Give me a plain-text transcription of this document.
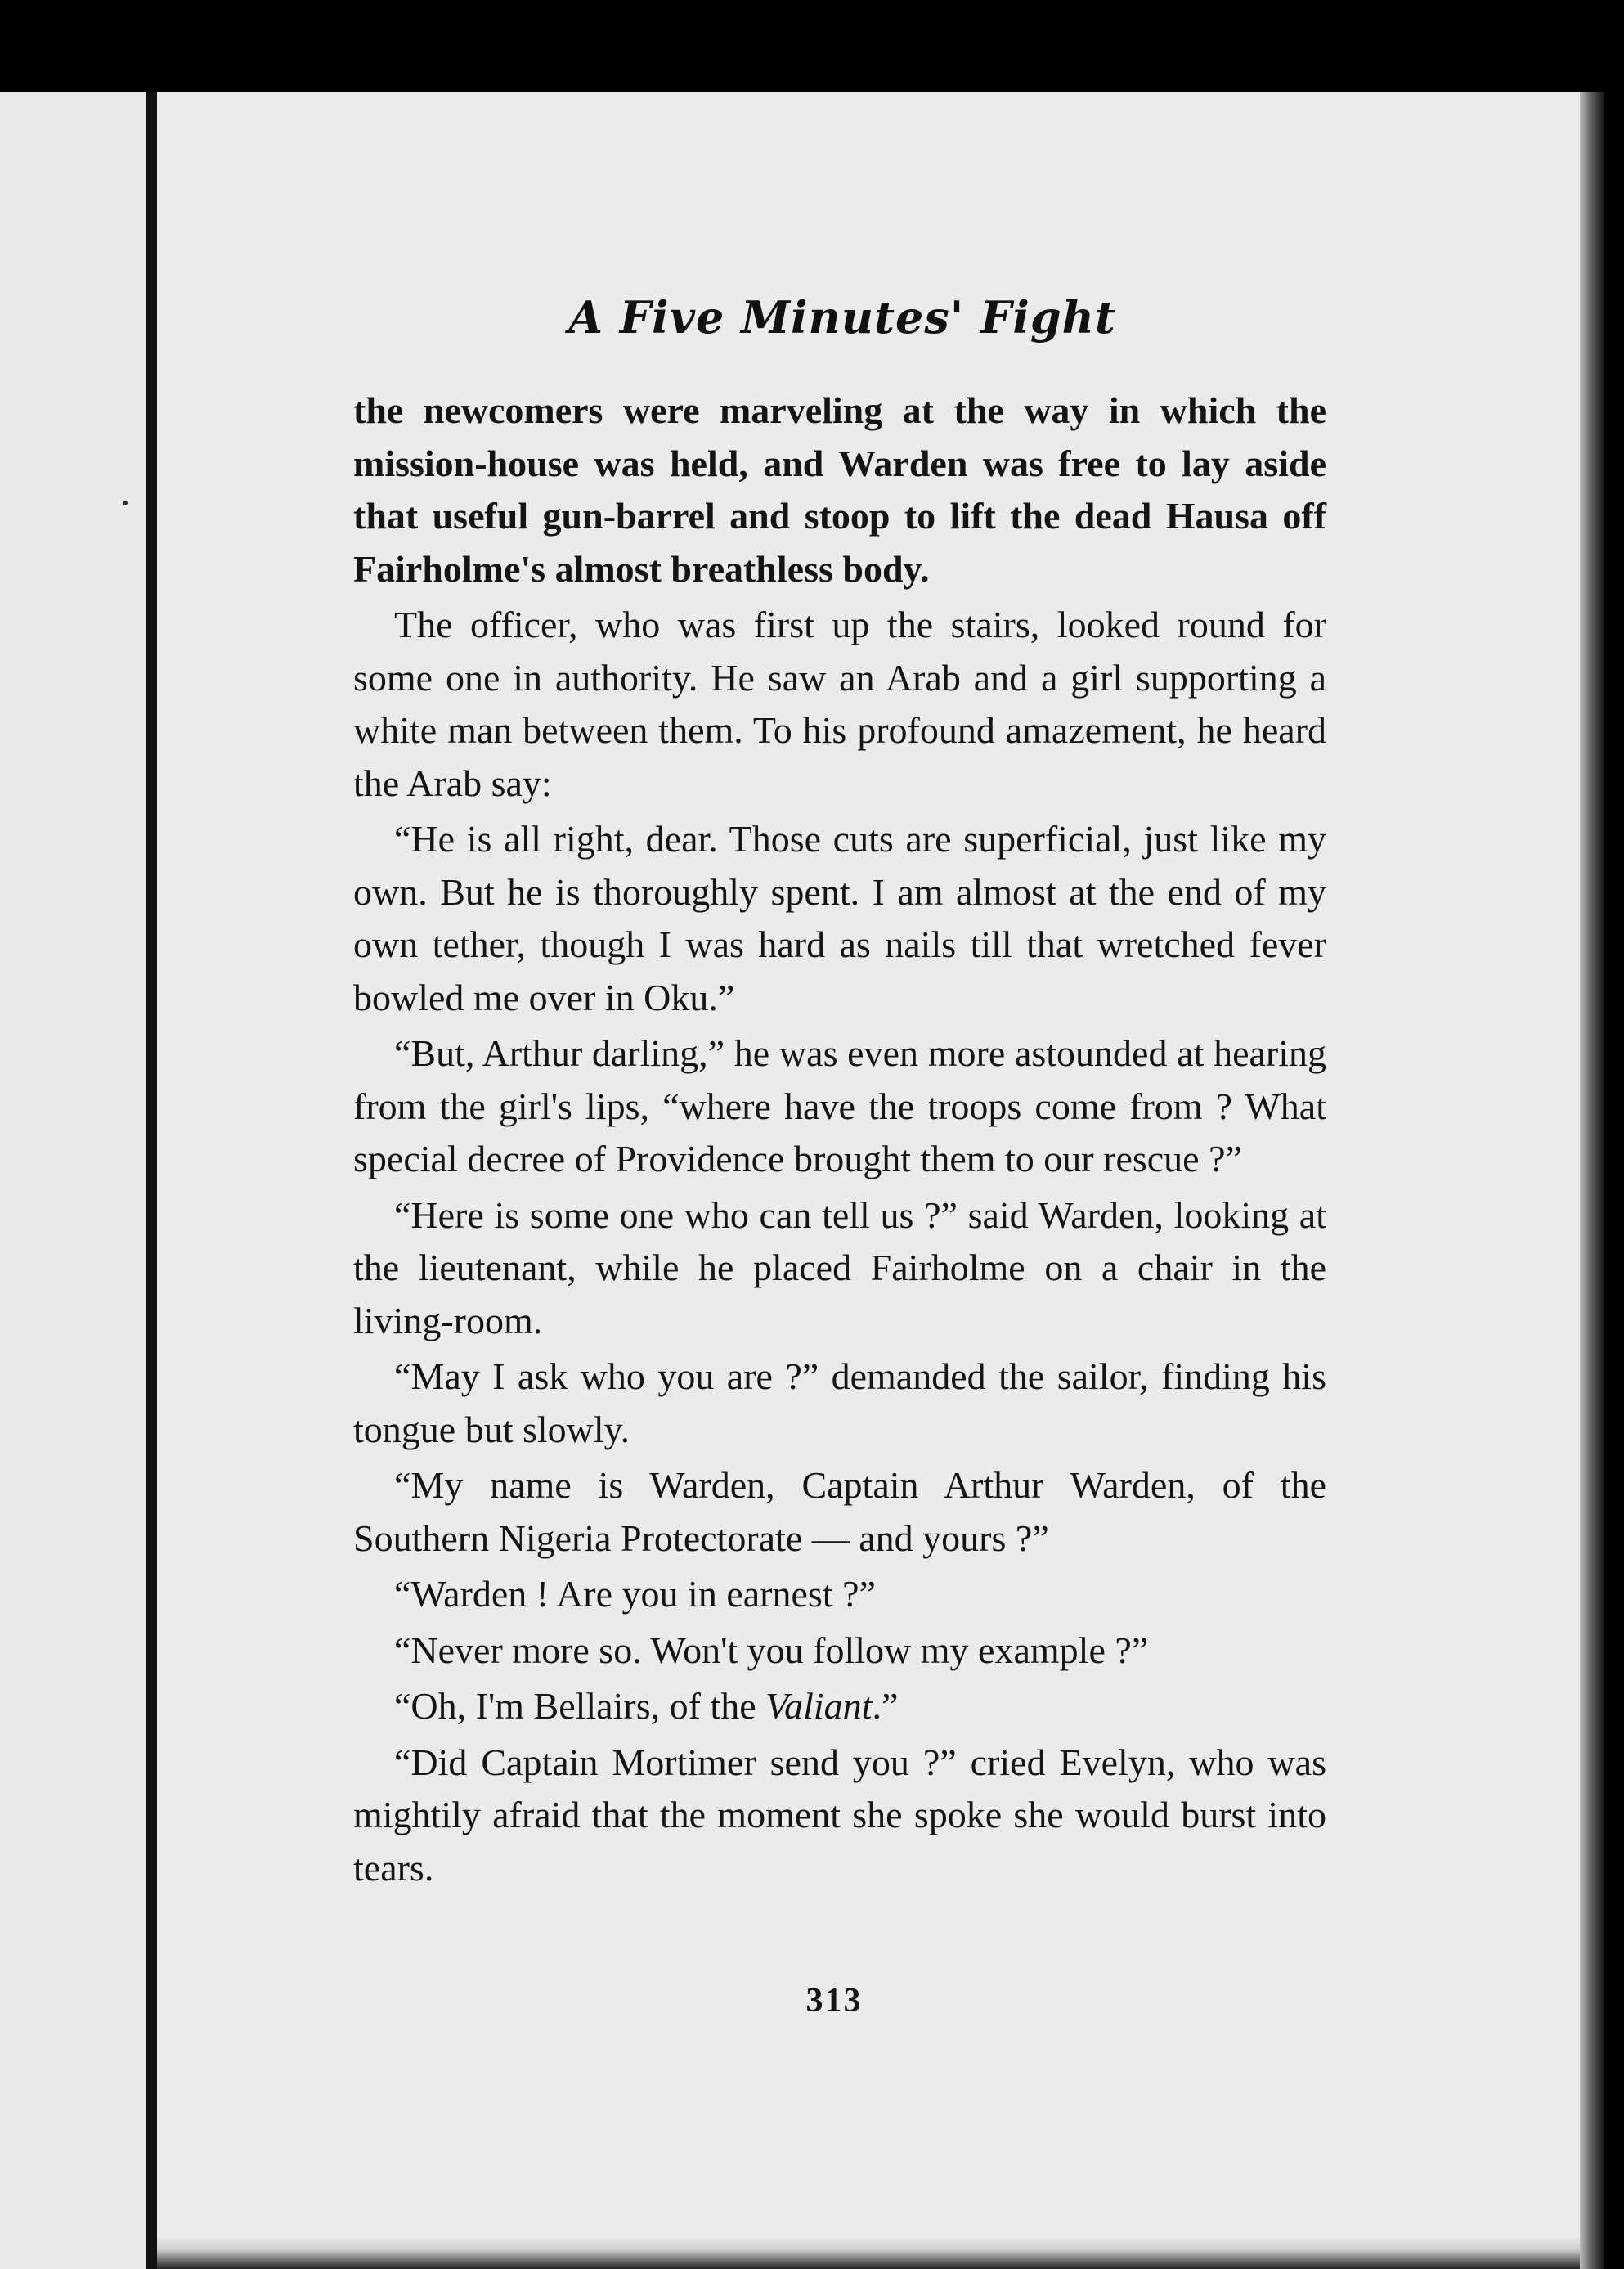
A Five Minutes' Fight

the newcomers were marveling at the way in which the mission-house was held, and Warden was free to lay aside that useful gun-barrel and stoop to lift the dead Hausa off Fairholme's almost breathless body.

The officer, who was first up the stairs, looked round for some one in authority. He saw an Arab and a girl supporting a white man between them. To his profound amazement, he heard the Arab say:

“He is all right, dear. Those cuts are superficial, just like my own. But he is thoroughly spent. I am almost at the end of my own tether, though I was hard as nails till that wretched fever bowled me over in Oku.”

“But, Arthur darling,” he was even more astounded at hearing from the girl's lips, “where have the troops come from ? What special decree of Providence brought them to our rescue ?”

“Here is some one who can tell us ?” said Warden, looking at the lieutenant, while he placed Fairholme on a chair in the living-room.

“May I ask who you are ?” demanded the sailor, finding his tongue but slowly.

“My name is Warden, Captain Arthur Warden, of the Southern Nigeria Protectorate — and yours ?”

“Warden ! Are you in earnest ?”

“Never more so. Won't you follow my example ?”

“Oh, I'm Bellairs, of the Valiant.”

“Did Captain Mortimer send you ?” cried Evelyn, who was mightily afraid that the moment she spoke she would burst into tears.

313
